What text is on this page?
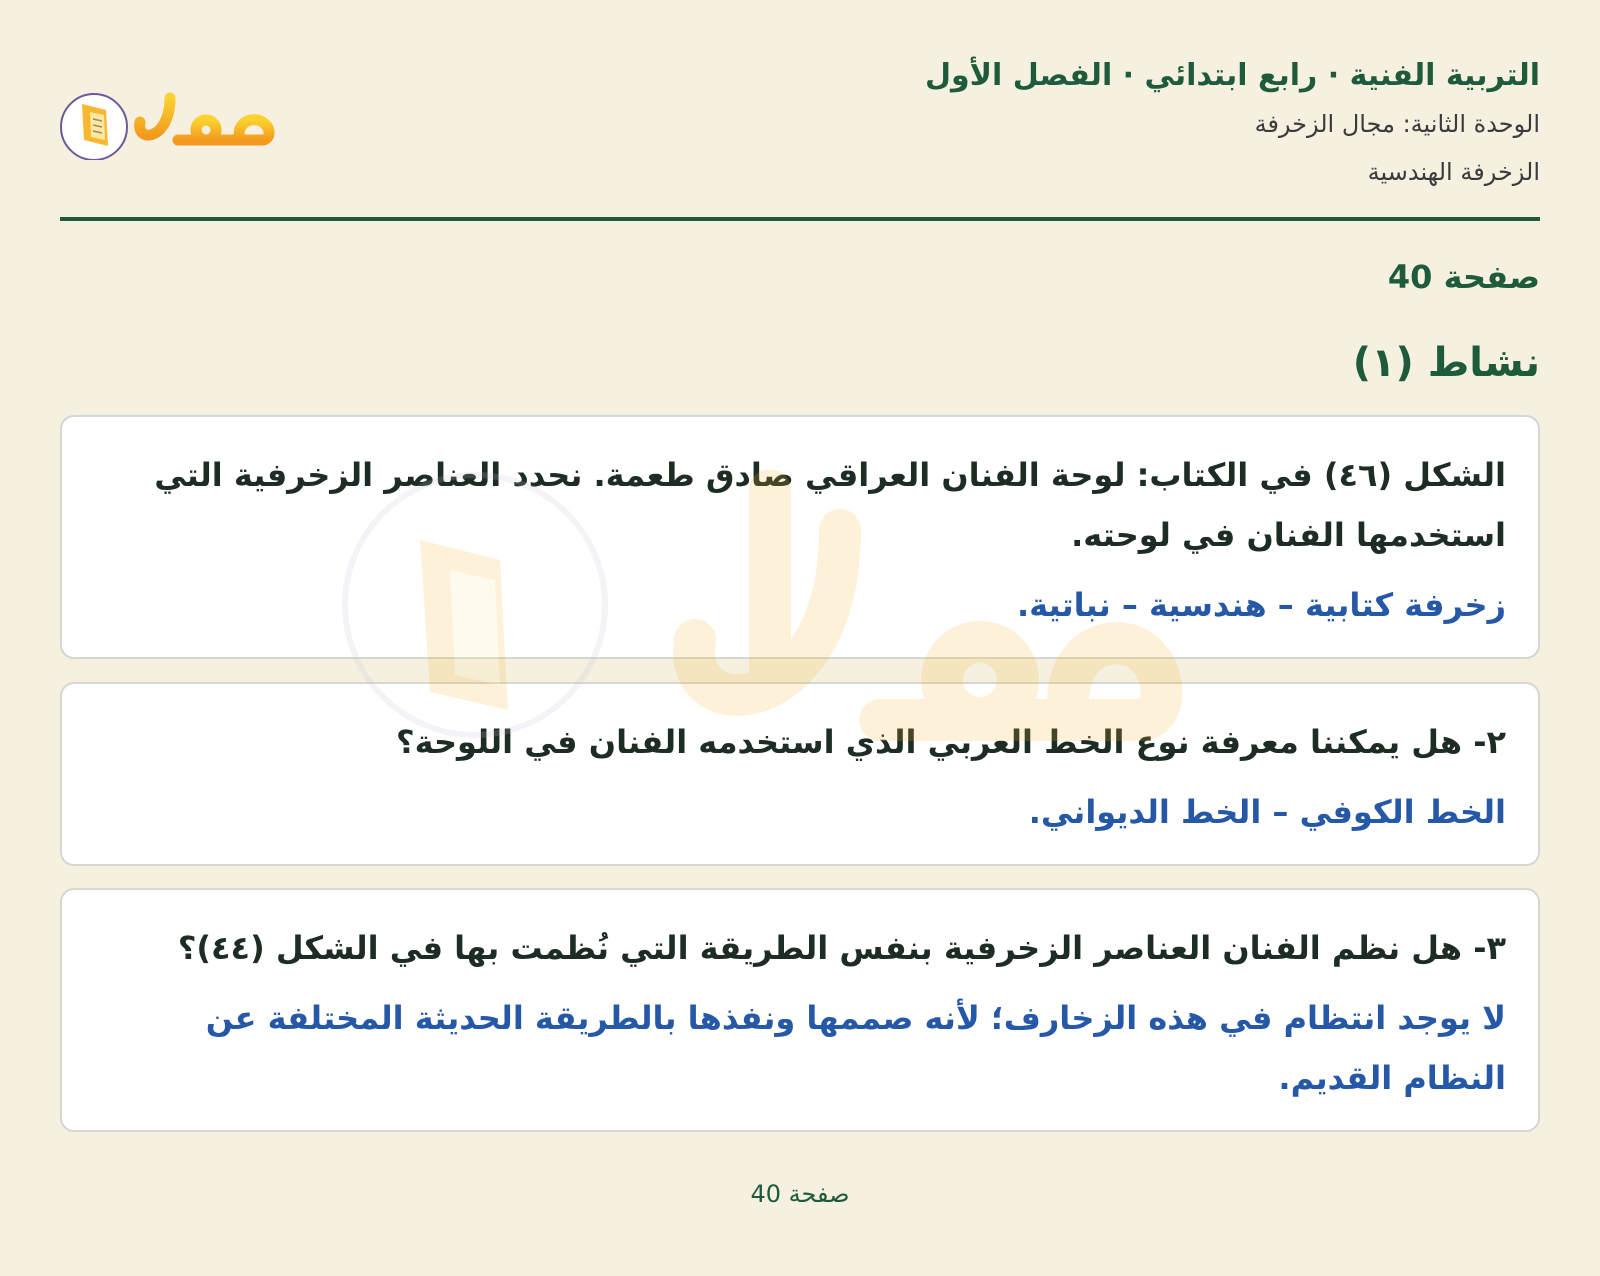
التربية الفنية · رابع ابتدائي · الفصل الأول
الوحدة الثانية: مجال الزخرفة
الزخرفة الهندسية
حلول
صفحة 40
نشاط (١)
الشكل (٤٦) في الكتاب: لوحة الفنان العراقي صادق طعمة. نحدد العناصر الزخرفية التي استخدمها الفنان في لوحته.
زخرفة كتابية – هندسية – نباتية.
٢- هل يمكننا معرفة نوع الخط العربي الذي استخدمه الفنان في اللوحة؟
الخط الكوفي – الخط الديواني.
٣- هل نظم الفنان العناصر الزخرفية بنفس الطريقة التي نُظمت بها في الشكل (٤٤)؟
لا يوجد انتظام في هذه الزخارف؛ لأنه صممها ونفذها بالطريقة الحديثة المختلفة عن النظام القديم.
صفحة 40
